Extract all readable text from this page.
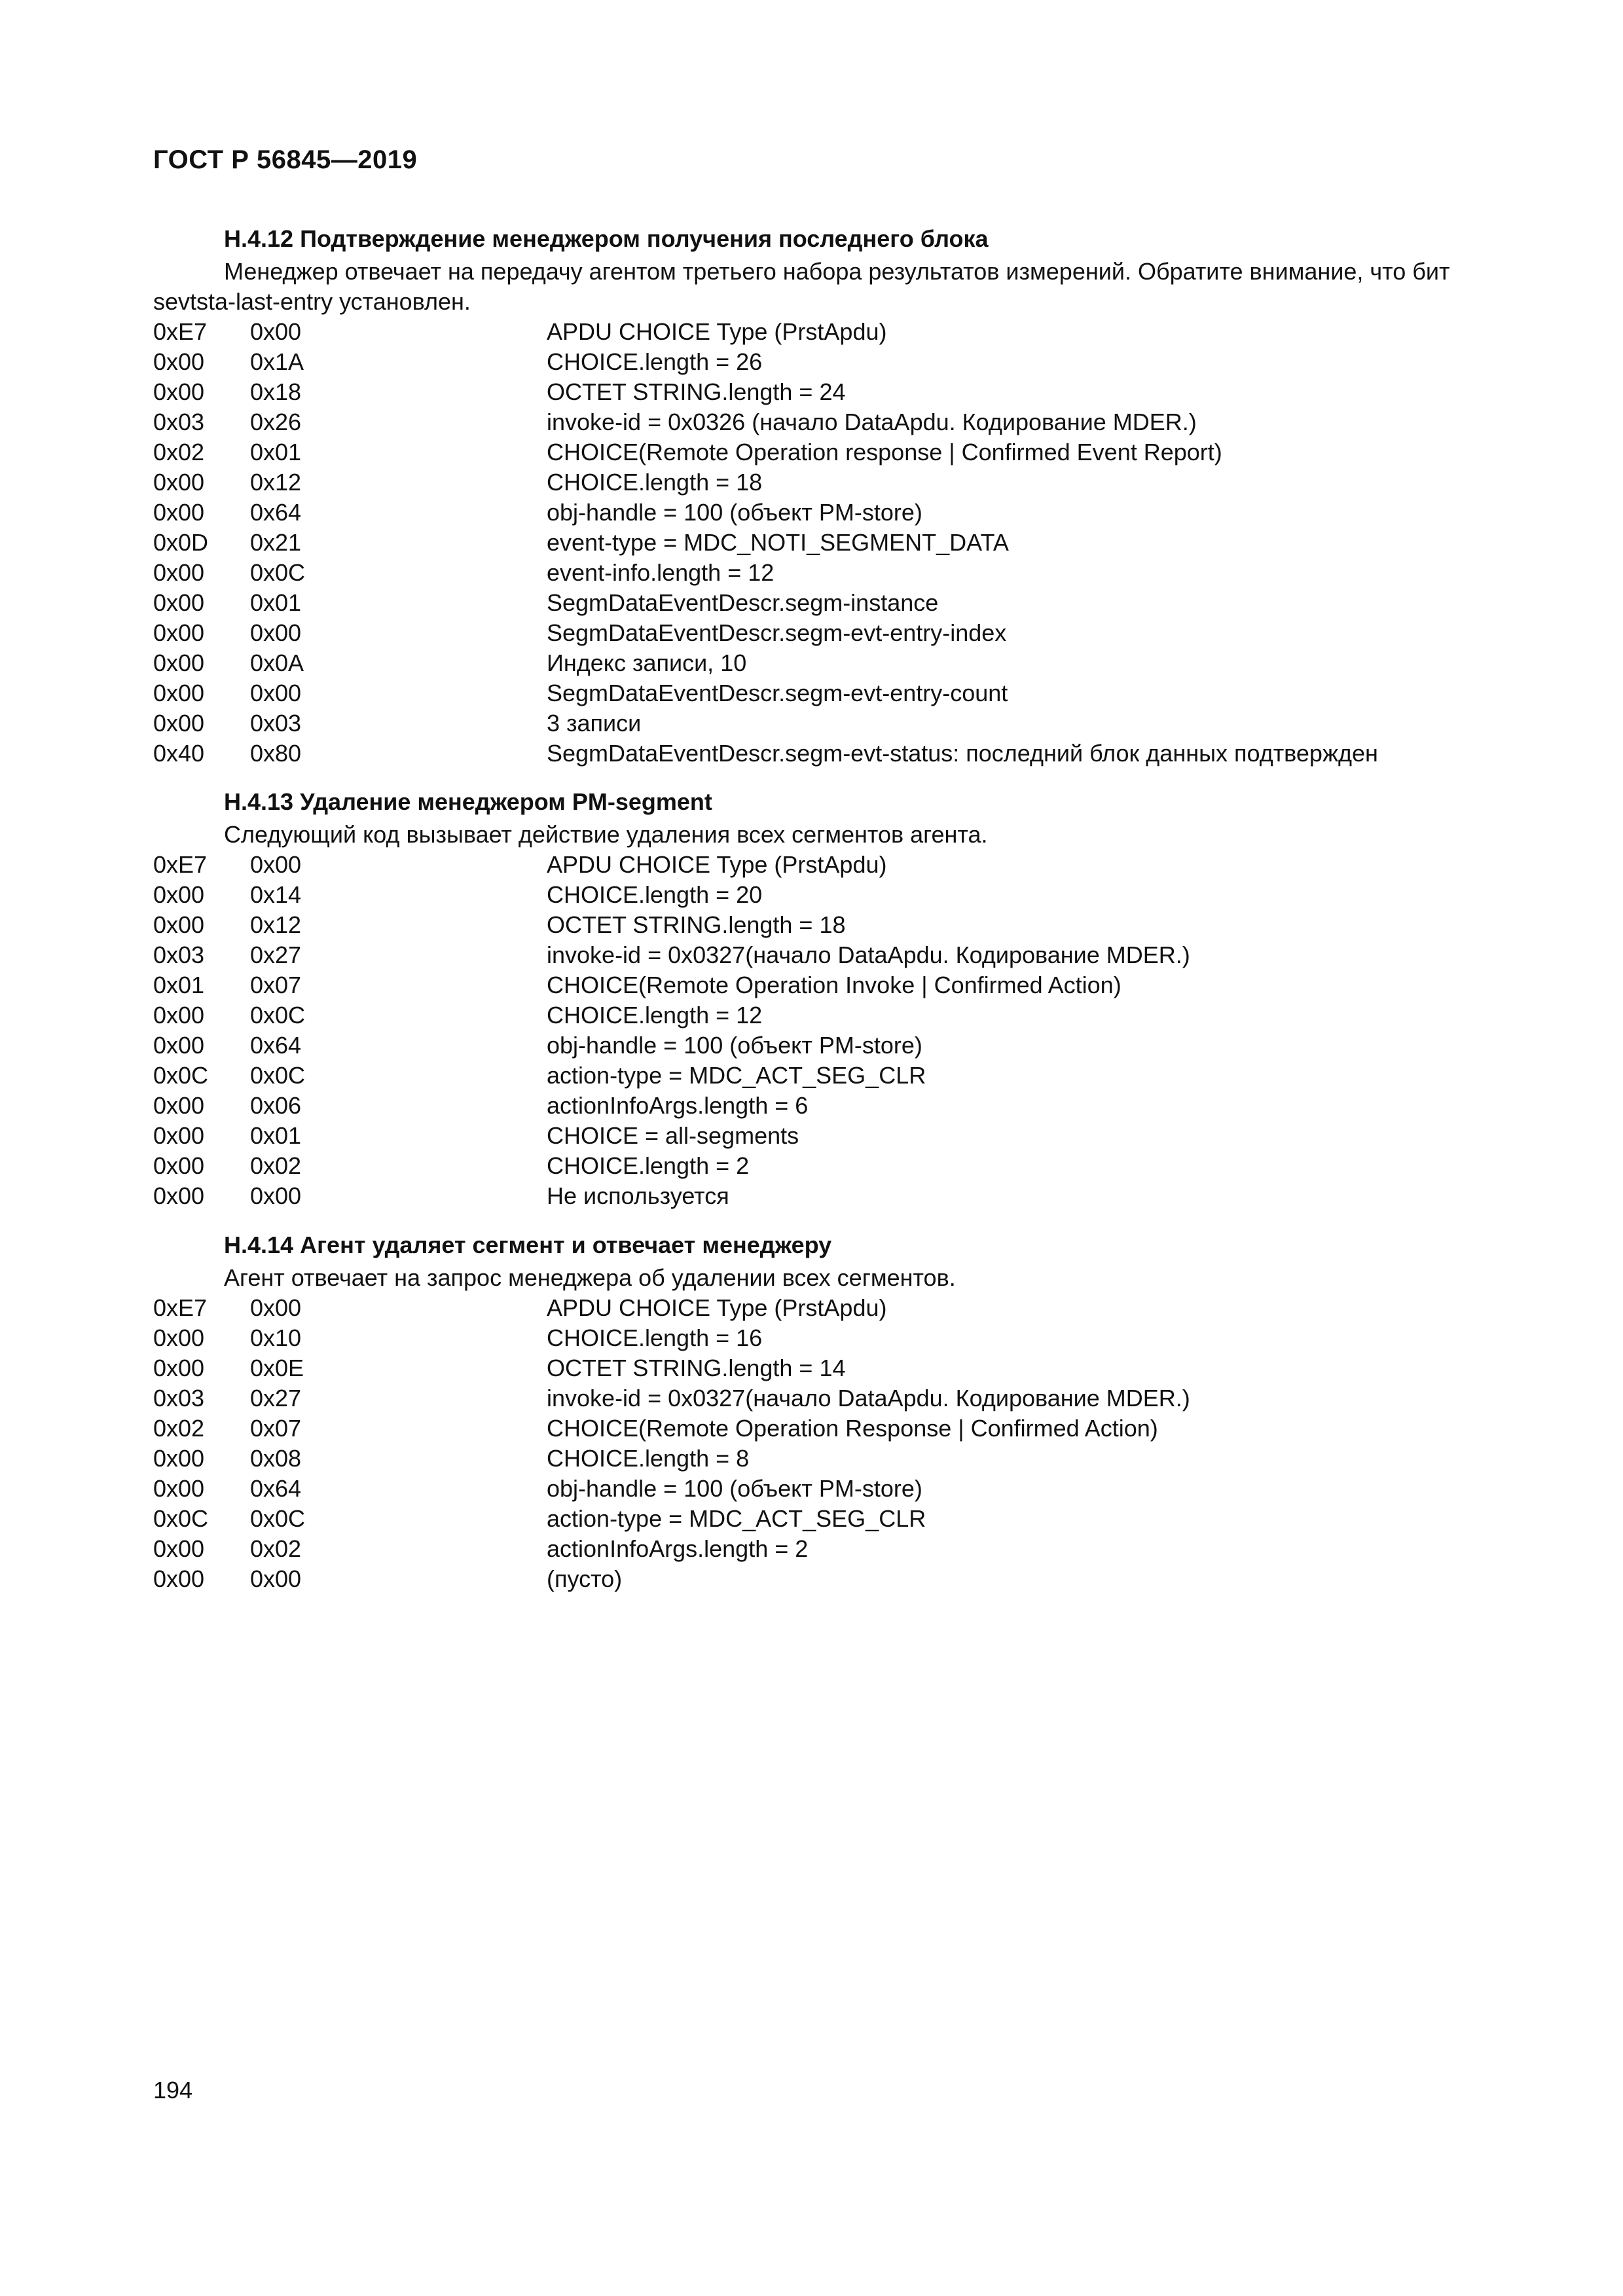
ГОСТ Р 56845—2019
H.4.12 Подтверждение менеджером получения последнего блока
Менеджер отвечает на передачу агентом третьего набора результатов измерений. Обратите внимание, что бит sevtsta-last-entry установлен.
0xE7	0x00	APDU CHOICE Type (PrstApdu)
0x00	0x1A	CHOICE.length = 26
0x00	0x18	OCTET STRING.length = 24
0x03	0x26	invoke-id = 0x0326 (начало DataApdu. Кодирование MDER.)
0x02	0x01	CHOICE(Remote Operation response | Confirmed Event Report)
0x00	0x12	CHOICE.length = 18
0x00	0x64	obj-handle = 100 (объект PM-store)
0x0D	0x21	event-type = MDC_NOTI_SEGMENT_DATA
0x00	0x0C	event-info.length = 12
0x00	0x01	SegmDataEventDescr.segm-instance
0x00	0x00	SegmDataEventDescr.segm-evt-entry-index
0x00	0x0A	Индекс записи, 10
0x00	0x00	SegmDataEventDescr.segm-evt-entry-count
0x00	0x03	3 записи
0x40	0x80	SegmDataEventDescr.segm-evt-status: последний блок данных подтвержден
H.4.13 Удаление менеджером PM-segment
Следующий код вызывает действие удаления всех сегментов агента.
0xE7	0x00	APDU CHOICE Type (PrstApdu)
0x00	0x14	CHOICE.length = 20
0x00	0x12	OCTET STRING.length = 18
0x03	0x27	invoke-id = 0x0327(начало DataApdu. Кодирование MDER.)
0x01	0x07	CHOICE(Remote Operation Invoke | Confirmed Action)
0x00	0x0C	CHOICE.length = 12
0x00	0x64	obj-handle = 100 (объект PM-store)
0x0C	0x0C	action-type = MDC_ACT_SEG_CLR
0x00	0x06	actionInfoArgs.length = 6
0x00	0x01	CHOICE = all-segments
0x00	0x02	CHOICE.length = 2
0x00	0x00	Не используется
H.4.14 Агент удаляет сегмент и отвечает менеджеру
Агент отвечает на запрос менеджера об удалении всех сегментов.
0xE7	0x00	APDU CHOICE Type (PrstApdu)
0x00	0x10	CHOICE.length = 16
0x00	0x0E	OCTET STRING.length = 14
0x03	0x27	invoke-id = 0x0327(начало DataApdu. Кодирование MDER.)
0x02	0x07	CHOICE(Remote Operation Response | Confirmed Action)
0x00	0x08	CHOICE.length = 8
0x00	0x64	obj-handle = 100 (объект PM-store)
0x0C	0x0C	action-type = MDC_ACT_SEG_CLR
0x00	0x02	actionInfoArgs.length = 2
0x00	0x00	(пусто)
194
